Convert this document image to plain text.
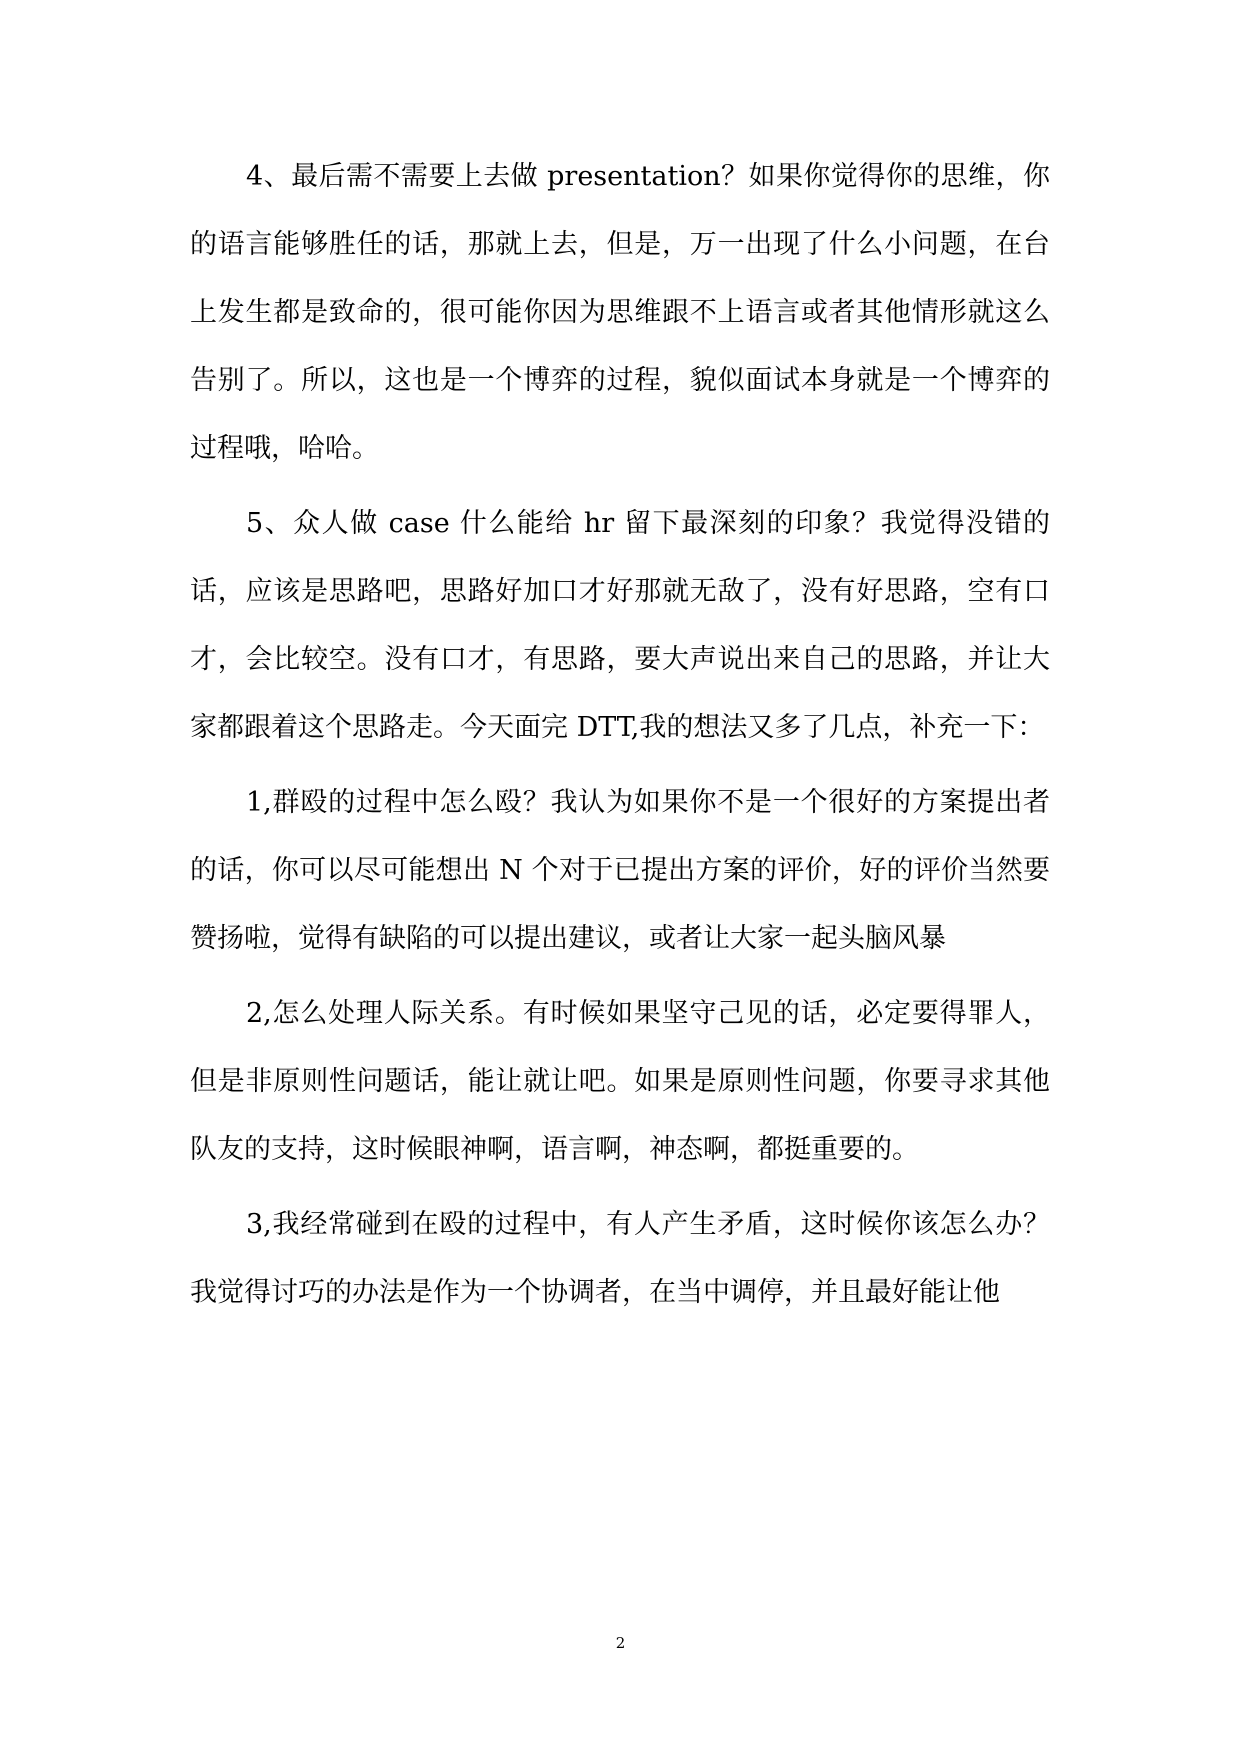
4、最后需不需要上去做 presentation？如果你觉得你的思维，你的语言能够胜任的话，那就上去，但是，万一出现了什么小问题，在台上发生都是致命的，很可能你因为思维跟不上语言或者其他情形就这么告别了。所以，这也是一个博弈的过程，貌似面试本身就是一个博弈的过程哦，哈哈。

5、众人做 case 什么能给 hr 留下最深刻的印象？我觉得没错的话，应该是思路吧，思路好加口才好那就无敌了，没有好思路，空有口才，会比较空。没有口才，有思路，要大声说出来自己的思路，并让大家都跟着这个思路走。今天面完 DTT,我的想法又多了几点，补充一下：

1,群殴的过程中怎么殴？我认为如果你不是一个很好的方案提出者的话，你可以尽可能想出 N 个对于已提出方案的评价，好的评价当然要赞扬啦，觉得有缺陷的可以提出建议，或者让大家一起头脑风暴

2,怎么处理人际关系。有时候如果坚守己见的话，必定要得罪人，但是非原则性问题话，能让就让吧。如果是原则性问题，你要寻求其他队友的支持，这时候眼神啊，语言啊，神态啊，都挺重要的。

3,我经常碰到在殴的过程中，有人产生矛盾，这时候你该怎么办？我觉得讨巧的办法是作为一个协调者，在当中调停，并且最好能让他

2
